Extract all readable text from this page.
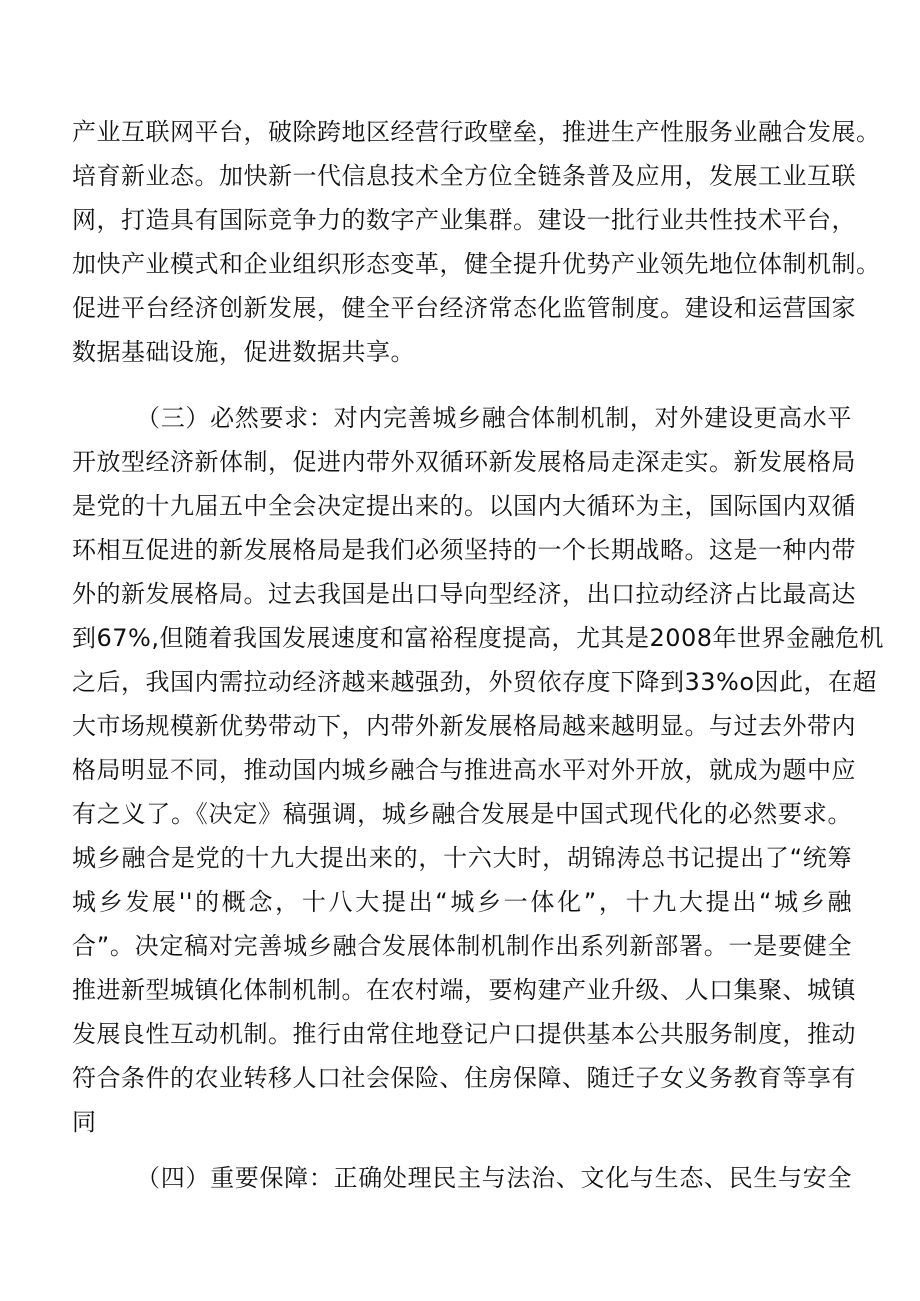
产业互联网平台，破除跨地区经营行政壁垒，推进生产性服务业融合发展。
培育新业态。加快新一代信息技术全方位全链条普及应用，发展工业互联
网，打造具有国际竞争力的数字产业集群。建设一批行业共性技术平台，
加快产业模式和企业组织形态变革，健全提升优势产业领先地位体制机制。
促进平台经济创新发展，健全平台经济常态化监管制度。建设和运营国家
数据基础设施，促进数据共享。
（三）必然要求：对内完善城乡融合体制机制，对外建设更高水平
开放型经济新体制，促进内带外双循环新发展格局走深走实。新发展格局
是党的十九届五中全会决定提出来的。以国内大循环为主，国际国内双循
环相互促进的新发展格局是我们必须坚持的一个长期战略。这是一种内带
外的新发展格局。过去我国是出口导向型经济，出口拉动经济占比最高达
到67%,但随着我国发展速度和富裕程度提高，尤其是2008年世界金融危机
之后，我国内需拉动经济越来越强劲，外贸依存度下降到33%o因此，在超
大市场规模新优势带动下，内带外新发展格局越来越明显。与过去外带内
格局明显不同，推动国内城乡融合与推进高水平对外开放，就成为题中应
有之义了。《决定》稿强调，城乡融合发展是中国式现代化的必然要求。
城乡融合是党的十九大提出来的，十六大时，胡锦涛总书记提出了“统筹
城乡发展''的概念，十八大提出“城乡一体化”，十九大提出“城乡融
合”。决定稿对完善城乡融合发展体制机制作出系列新部署。一是要健全
推进新型城镇化体制机制。在农村端，要构建产业升级、人口集聚、城镇
发展良性互动机制。推行由常住地登记户口提供基本公共服务制度，推动
符合条件的农业转移人口社会保险、住房保障、随迁子女义务教育等享有
同
（四）重要保障：正确处理民主与法治、文化与生态、民生与安全
